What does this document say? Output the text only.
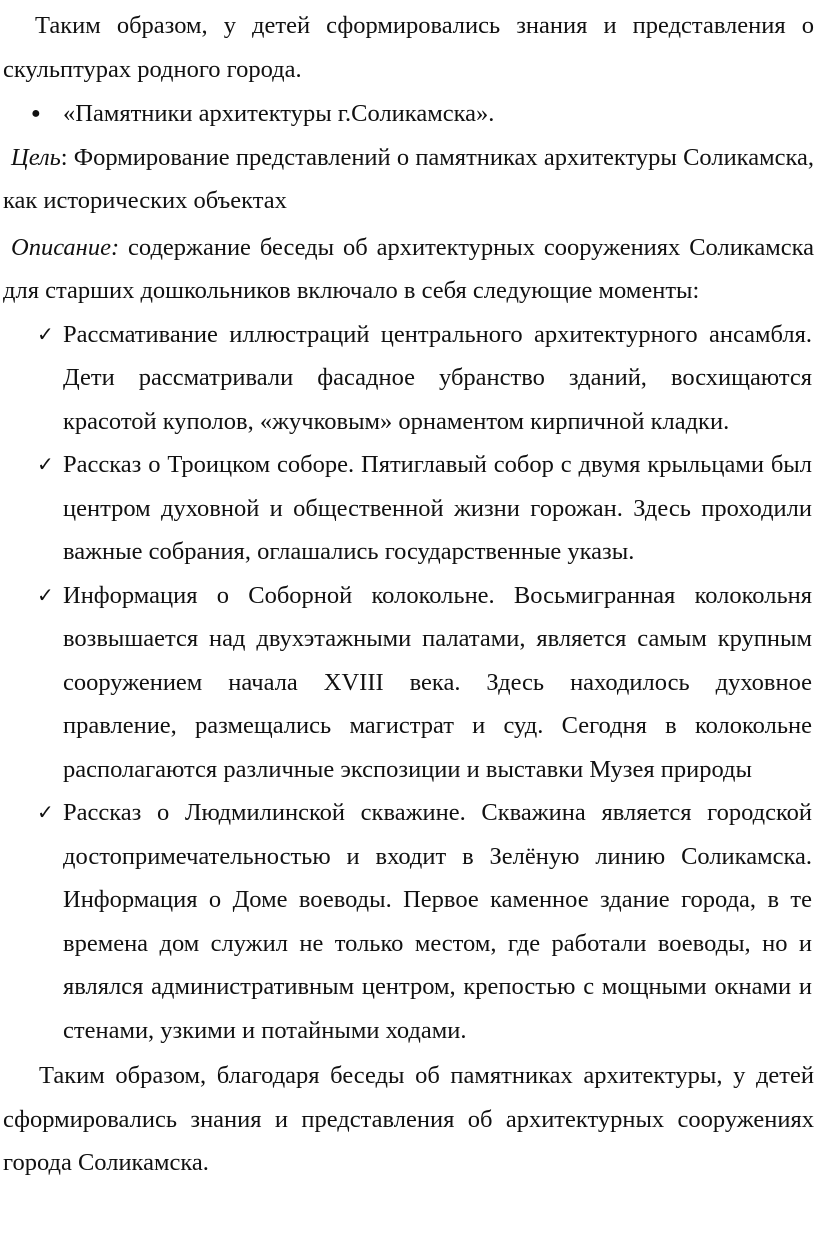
Таким образом, у детей сформировались знания и представления о скульптурах родного города.

● «Памятники архитектуры г.Соликамска».

Цель: Формирование представлений о памятниках архитектуры Соликамска, как исторических объектах

Описание: содержание беседы об архитектурных сооружениях Соликамска для старших дошкольников включало в себя следующие моменты:

✓ Рассмативание иллюстраций центрального архитектурного ансамбля. Дети рассматривали фасадное убранство зданий, восхищаются красотой куполов, «жучковым» орнаментом кирпичной кладки.
✓ Рассказ о Троицком соборе. Пятиглавый собор с двумя крыльцами был центром духовной и общественной жизни горожан. Здесь проходили важные собрания, оглашались государственные указы.
✓ Информация о Соборной колокольне. Восьмигранная колокольня возвышается над двухэтажными палатами, является самым крупным сооружением начала XVIII века. Здесь находилось духовное правление, размещались магистрат и суд. Сегодня в колокольне располагаются различные экспозиции и выставки Музея природы
✓ Рассказ о Людмилинской скважине. Скважина является городской достопримечательностью и входит в Зелёную линию Соликамска. Информация о Доме воеводы. Первое каменное здание города, в те времена дом служил не только местом, где работали воеводы, но и являлся административным центром, крепостью с мощными окнами и стенами, узкими и потайными ходами.

Таким образом, благодаря беседы об памятниках архитектуры, у детей сформировались знания и представления об архитектурных сооружениях города Соликамска.
